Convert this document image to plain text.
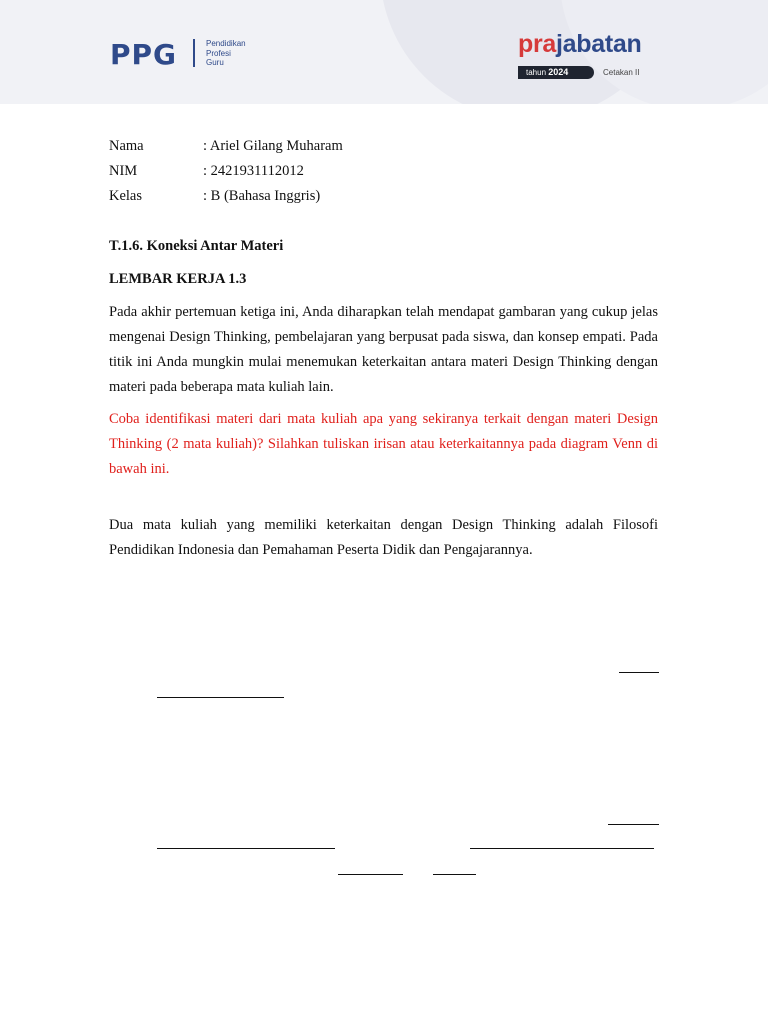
PPG	Pendidikan
Profesi
Guru
prajabatan
tahun 2024	Cetakan II
Nama	: Ariel Gilang Muharam
NIM	: 2421931112012
Kelas	: B (Bahasa Inggris)
T.1.6. Koneksi Antar Materi
LEMBAR KERJA 1.3

Pada akhir pertemuan ketiga ini, Anda diharapkan telah mendapat gambaran yang cukup jelas mengenai Design Thinking, pembelajaran yang berpusat pada siswa, dan konsep empati. Pada titik ini Anda mungkin mulai menemukan keterkaitan antara materi Design Thinking dengan materi pada beberapa mata kuliah lain.

Coba identifikasi materi dari mata kuliah apa yang sekiranya terkait dengan materi Design Thinking (2 mata kuliah)? Silahkan tuliskan irisan atau keterkaitannya pada diagram Venn di bawah ini.

Dua mata kuliah yang memiliki keterkaitan dengan Design Thinking adalah Filosofi Pendidikan Indonesia dan Pemahaman Peserta Didik dan Pengajarannya.
